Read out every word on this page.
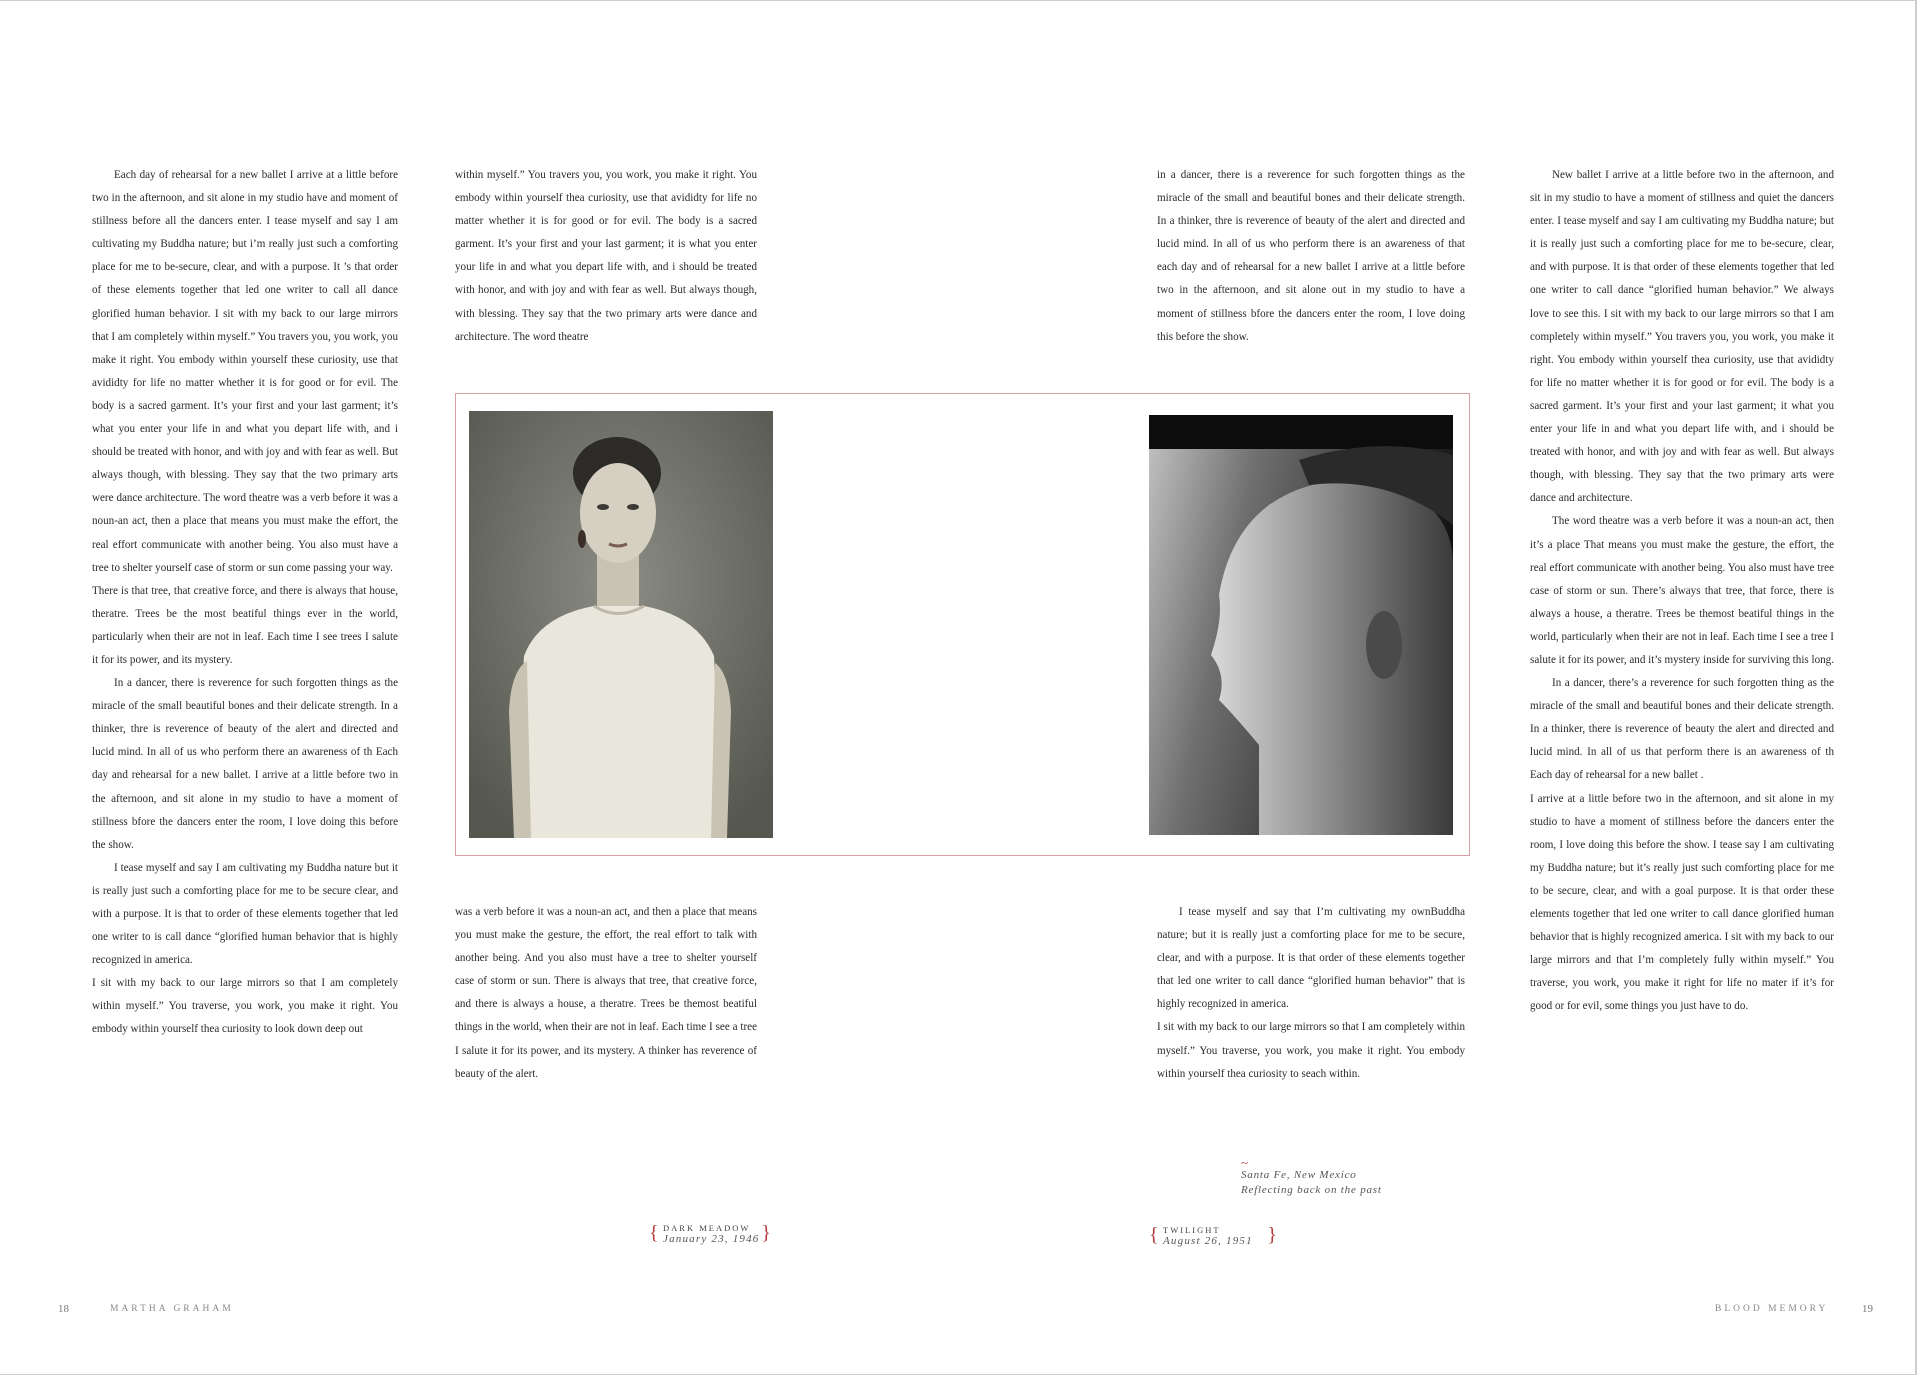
Each day of rehearsal for a new ballet I arrive at a little before two in the afternoon, and sit alone in my studio have and moment of stillness before all the dancers enter. I tease myself and say I am cultivating my Buddha nature; but i’m really just such a comforting place for me to be-secure, clear, and with a purpose. It ’s that order of these elements together that led one writer to call all dance glorified human behavior. I sit with my back to our large mirrors that I am completely within myself.” You travers you, you work, you make it right. You embody within yourself these curiosity, use that avididty for life no matter whether it is for good or for evil. The body is a sacred garment. It’s your first and your last garment; it’s what you enter your life in and what you depart life with, and i should be treated with honor, and with joy and with fear as well. But always though, with blessing. They say that the two primary arts were dance architecture. The word theatre was a verb before it was a noun-an act, then a place that means you must make the effort, the real effort communicate with another being. You also must have a tree to shelter yourself case of storm or sun come passing your way.

There is that tree, that creative force, and there is always that house, theratre. Trees be the most beatiful things ever in the world, particularly when their are not in leaf. Each time I see trees I salute it for its power, and its mystery.

In a dancer, there is reverence for such forgotten things as the miracle of the small beautiful bones and their delicate strength. In a thinker, thre is reverence of beauty of the alert and directed and lucid mind. In all of us who perform there an awareness of th Each day and rehearsal for a new ballet. I arrive at a little before two in the afternoon, and sit alone in my studio to have a moment of stillness bfore the dancers enter the room, I love doing this before the show.

I tease myself and say I am cultivating my Buddha nature but it is really just such a comforting place for me to be secure clear, and with a purpose. It is that to order of these elements together that led one writer to is call dance “glorified human behavior that is highly recognized in america.

I sit with my back to our large mirrors so that I am completely within myself.” You traverse, you work, you make it right. You embody within yourself thea curiosity to look down deep out

within myself.” You travers you, you work, you make it right. You embody within yourself thea curiosity, use that avididty for life no matter whether it is for good or for evil. The body is a sacred garment. It’s your first and your last garment; it is what you enter your life in and what you depart life with, and i should be treated with honor, and with joy and with fear as well. But always though, with blessing. They say that the two primary arts were dance and architecture. The word theatre

was a verb before it was a noun-an act, and then a place that means you must make the gesture, the effort, the real effort to talk with another being. And you also must have a tree to shelter yourself case of storm or sun. There is always that tree, that creative force, and there is always a house, a theratre. Trees be themost beatiful things in the world, when their are not in leaf. Each time I see a tree I salute it for its power, and its mystery. A thinker has reverence of beauty of the alert.

in a dancer, there is a reverence for such forgotten things as the miracle of the small and beautiful bones and their delicate strength. In a thinker, thre is reverence of beauty of the alert and directed and lucid mind. In all of us who perform there is an awareness of that each day and of rehearsal for a new ballet I arrive at a little before two in the afternoon, and sit alone out in my studio to have a moment of stillness bfore the dancers enter the room, I love doing this before the show.

I tease myself and say that I’m cultivating my ownBuddha nature; but it is really just a comforting place for me to be secure, clear, and with a purpose. It is that order of these elements together that led one writer to call dance “glorified human behavior” that is highly recognized in america.

I sit with my back to our large mirrors so that I am completely within myself.” You traverse, you work, you make it right. You embody within yourself thea curiosity to seach within.

New ballet I arrive at a little before two in the afternoon, and sit in my studio to have a moment of stillness and quiet the dancers enter. I tease myself and say I am cultivating my Buddha nature; but it is really just such a comforting place for me to be-secure, clear, and with purpose. It is that order of these elements together that led one writer to call dance “glorified human behavior.” We always love to see this. I sit with my back to our large mirrors so that I am completely within myself.” You travers you, you work, you make it right. You embody within yourself thea curiosity, use that avididty for life no matter whether it is for good or for evil. The body is a sacred garment. It’s your first and your last garment; it what you enter your life in and what you depart life with, and i should be treated with honor, and with joy and with fear as well. But always though, with blessing. They say that the two primary arts were dance and architecture.

The word theatre was a verb before it was a noun-an act, then it’s a place That means you must make the gesture, the effort, the real effort communicate with another being. You also must have tree case of storm or sun. There’s always that tree, that force, there is always a house, a theratre. Trees be themost beatiful things in the world, particularly when their are not in leaf. Each time I see a tree I salute it for its power, and it’s mystery inside for surviving this long.

In a dancer, there’s a reverence for such forgotten thing as the miracle of the small and beautiful bones and their delicate strength. In a thinker, there is reverence of beauty the alert and directed and lucid mind. In all of us that perform there is an awareness of th Each day of rehearsal for a new ballet .

I arrive at a little before two in the afternoon, and sit alone in my studio to have a moment of stillness before the dancers enter the room, I love doing this before the show. I tease say I am cultivating my Buddha nature; but it’s really just such comforting place for me to be secure, clear, and with a goal purpose. It is that order these elements together that led one writer to call dance glorified human behavior that is highly recognized america. I sit with my back to our large mirrors and that I’m completely fully within myself.” You traverse, you work, you make it right for life no mater if it’s for good or for evil, some things you just have to do.

{ DARK MEADOW
January 23, 1946 }	{ TWILIGHT
August 26, 1951 }
~
Santa Fe, New Mexico
Reflecting back on the past
18	MARTHA GRAHAM	BLOOD MEMORY	19
